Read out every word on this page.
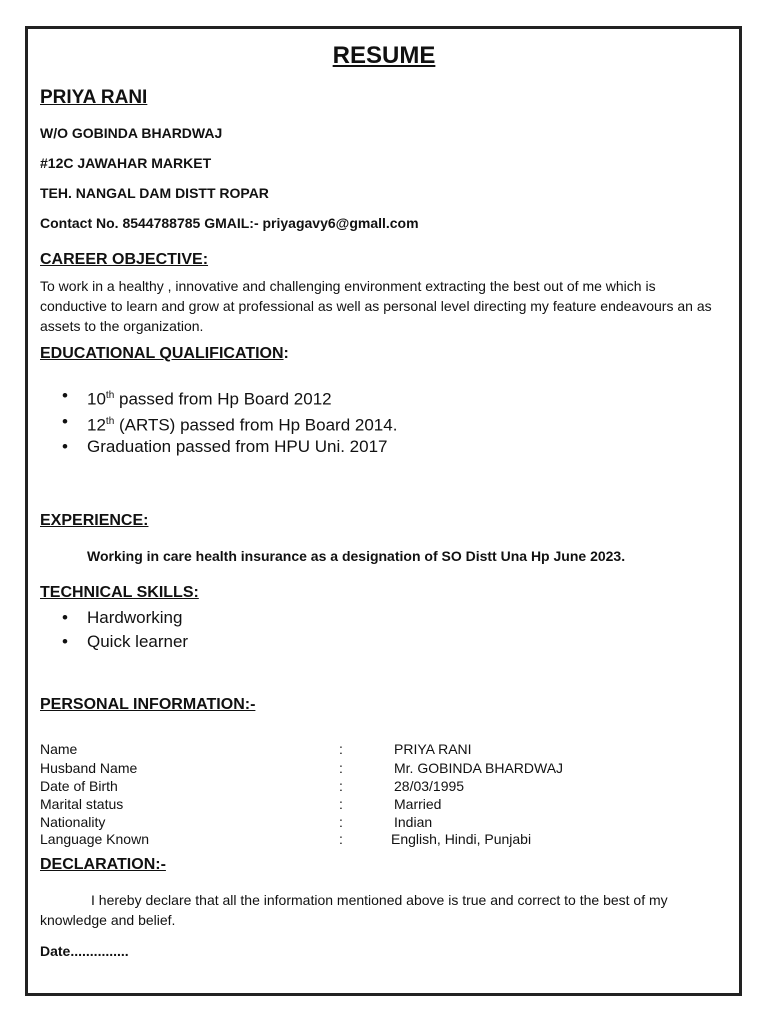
RESUME
PRIYA RANI
W/O GOBINDA BHARDWAJ
#12C JAWAHAR MARKET
TEH. NANGAL DAM DISTT ROPAR
Contact No. 8544788785 GMAIL:- priyagavy6@gmall.com
CAREER OBJECTIVE:
To work in a healthy , innovative and challenging environment extracting the best out of me which is conductive to learn and grow at professional as well as personal level directing my feature endeavours an as assets to the organization.
EDUCATIONAL QUALIFICATION:
• 10th passed from Hp Board 2012
• 12th (ARTS) passed from Hp Board 2014.
• Graduation passed from HPU Uni. 2017
EXPERIENCE:
Working in care health insurance as a designation of SO Distt Una Hp June 2023.
TECHNICAL SKILLS:
• Hardworking
• Quick learner
PERSONAL INFORMATION:-
Name	:	PRIYA RANI
Husband Name	:	Mr. GOBINDA BHARDWAJ
Date of Birth	:	28/03/1995
Marital status	:	Married
Nationality	:	Indian
Language Known	:	English, Hindi, Punjabi
DECLARATION:-
I hereby declare that all the information mentioned above is true and correct to the best of my knowledge and belief.
Date...............
